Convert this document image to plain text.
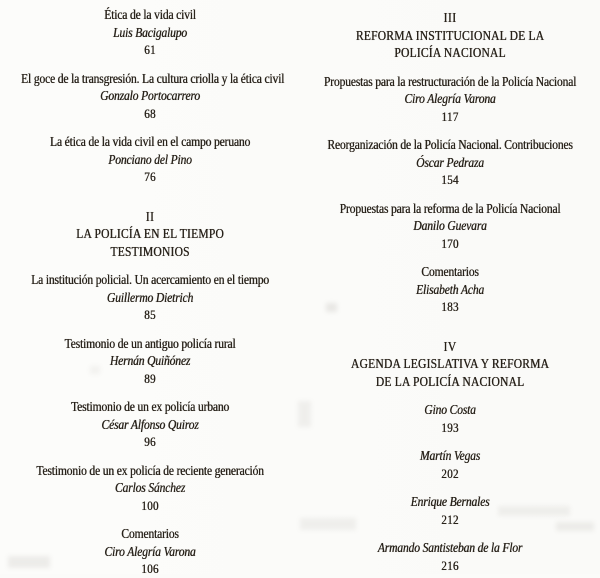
Ética de la vida civil
Luis Bacigalupo
61
El goce de la transgresión. La cultura criolla y la ética civil
Gonzalo Portocarrero
68
La ética de la vida civil en el campo peruano
Ponciano del Pino
76
II
LA POLICÍA EN EL TIEMPO
TESTIMONIOS
La institución policial. Un acercamiento en el tiempo
Guillermo Dietrich
85
Testimonio de un antiguo policía rural
Hernán Quiñónez
89
Testimonio de un ex policía urbano
César Alfonso Quiroz
96
Testimonio de un ex policía de reciente generación
Carlos Sánchez
100
Comentarios
Ciro Alegría Varona
106
III
REFORMA INSTITUCIONAL DE LA
POLICÍA NACIONAL
Propuestas para la restructuración de la Policía Nacional
Ciro Alegría Varona
117
Reorganización de la Policía Nacional. Contribuciones
Óscar Pedraza
154
Propuestas para la reforma de la Policía Nacional
Danilo Guevara
170
Comentarios
Elisabeth Acha
183
IV
AGENDA LEGISLATIVA Y REFORMA
DE LA POLICÍA NACIONAL
Gino Costa
193
Martín Vegas
202
Enrique Bernales
212
Armando Santisteban de la Flor
216
